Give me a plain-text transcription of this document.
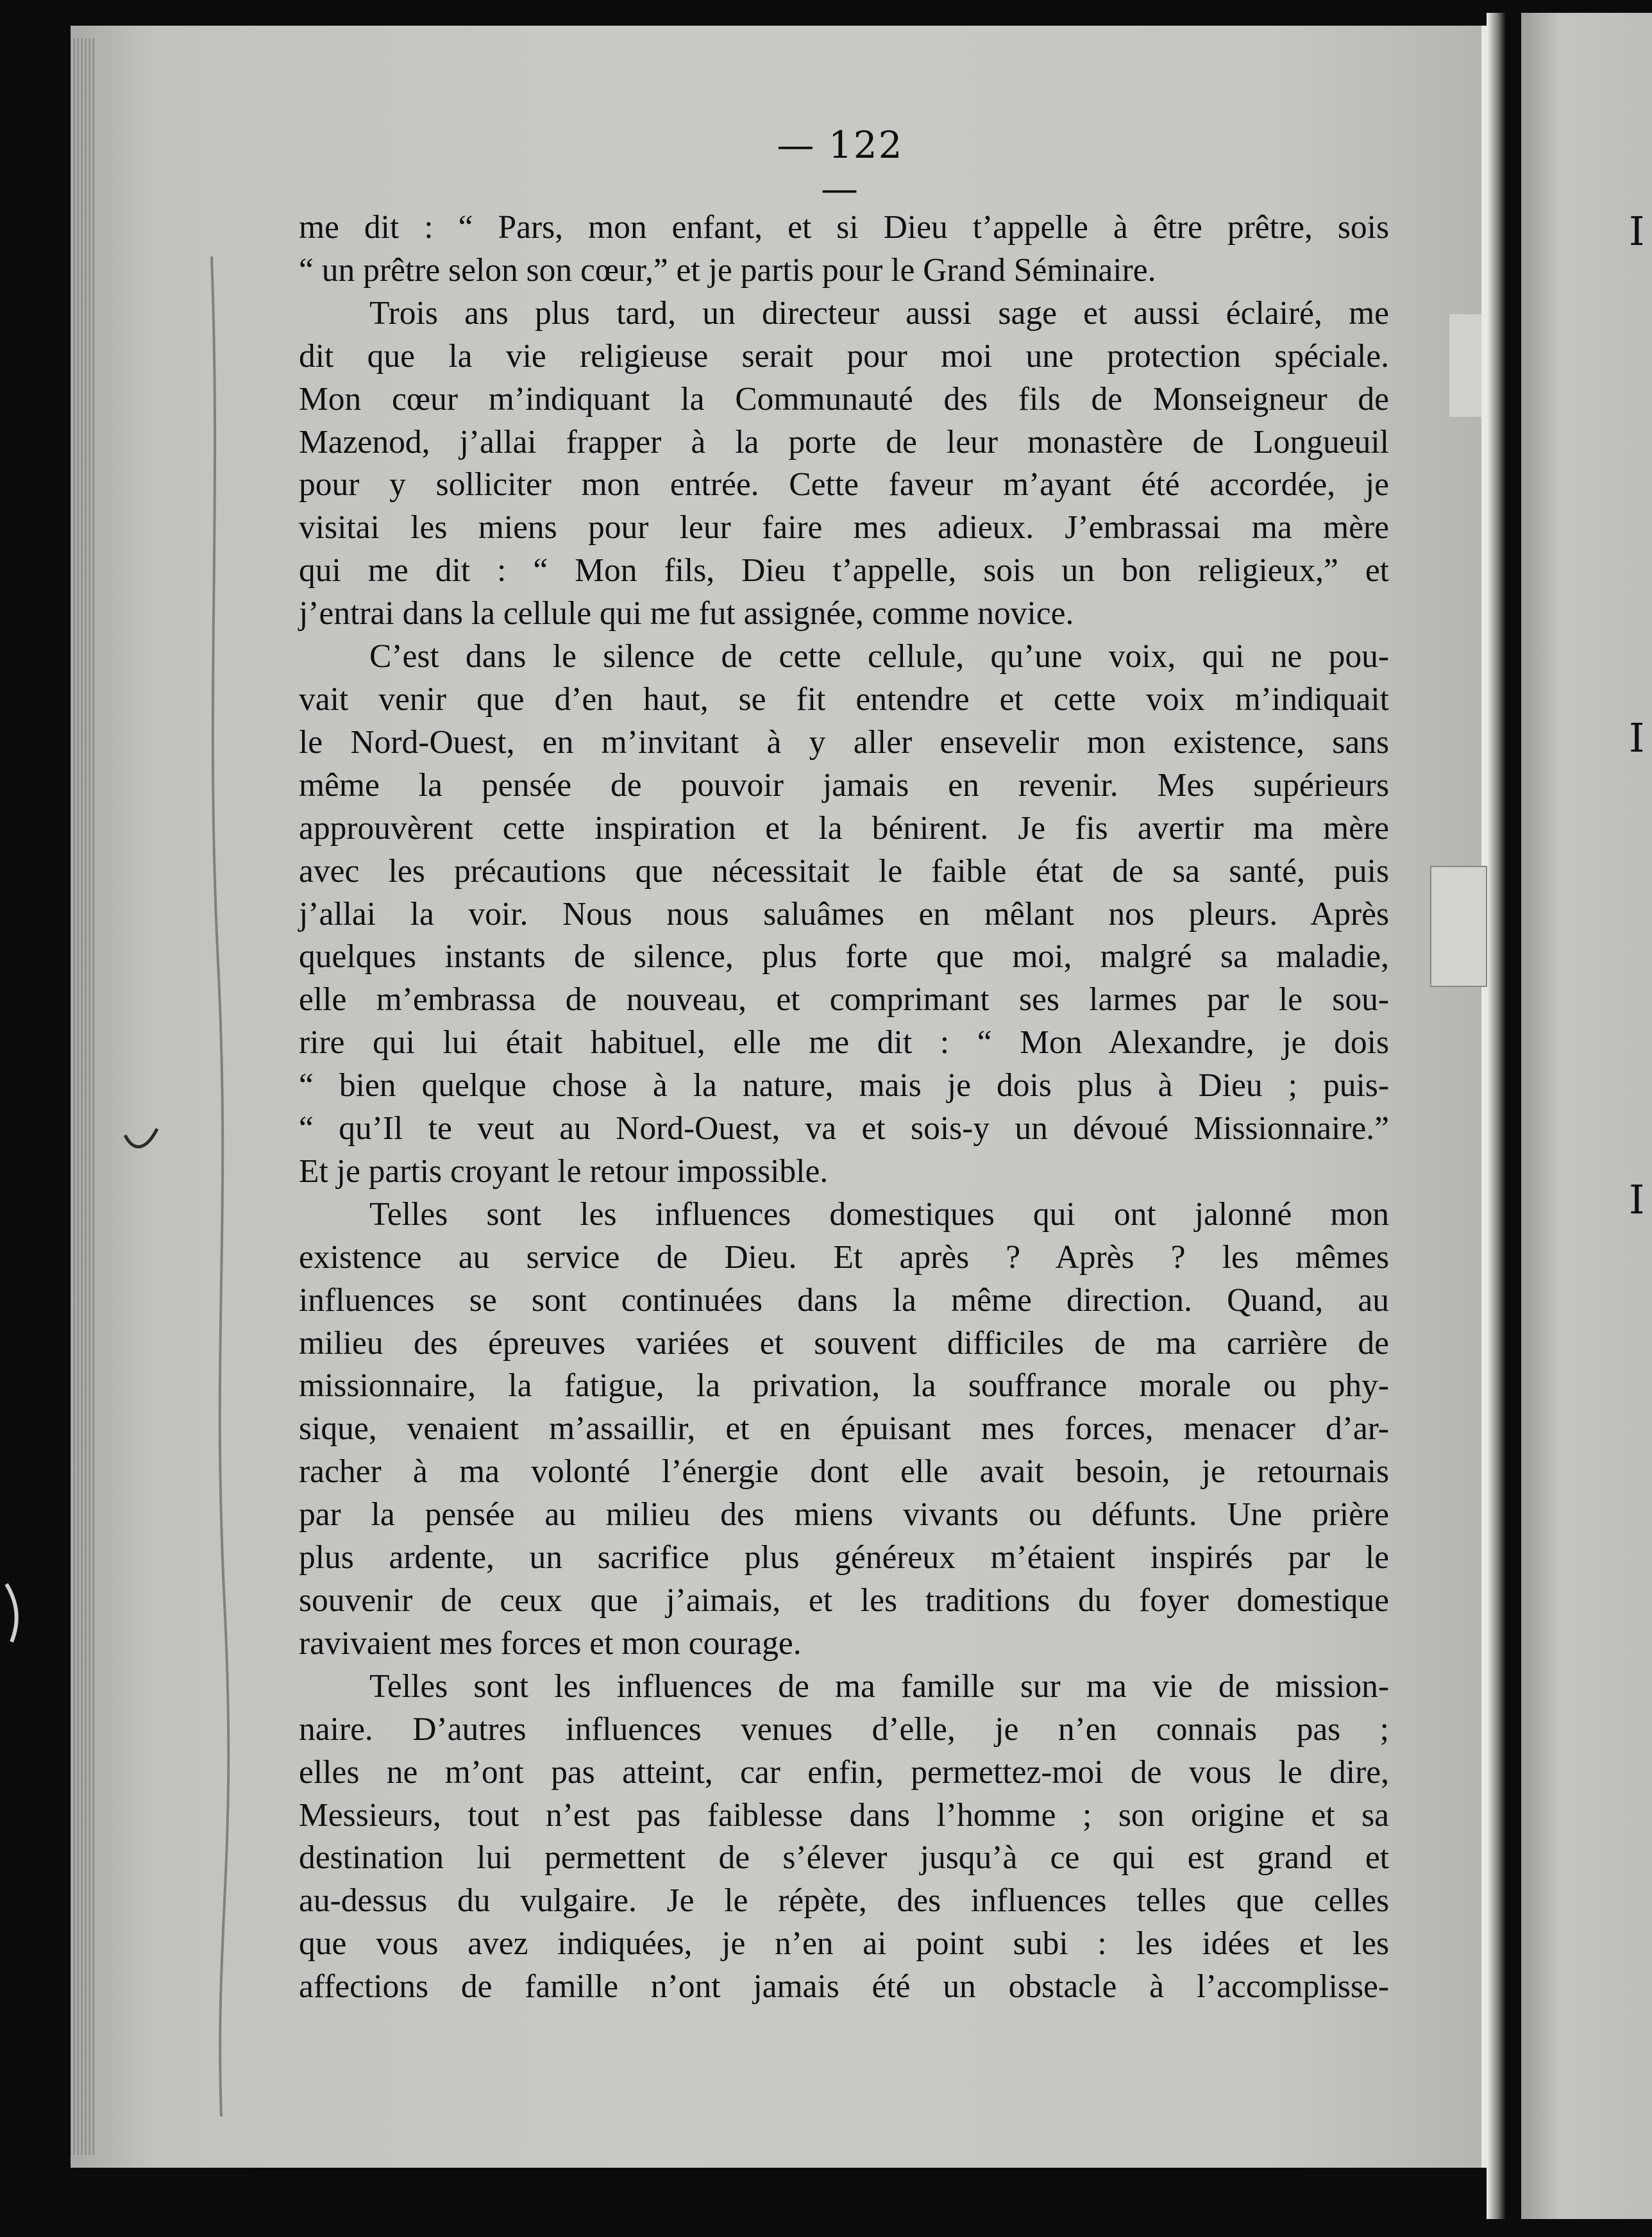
I
I
I
— 122 —

me dit : “ Pars, mon enfant, et si Dieu t’appelle à être prêtre, sois

“ un prêtre selon son cœur,” et je partis pour le Grand Séminaire.

Trois ans plus tard, un directeur aussi sage et aussi éclairé, me

dit que la vie religieuse serait pour moi une protection spéciale.

Mon cœur m’indiquant la Communauté des fils de Monseigneur de

Mazenod, j’allai frapper à la porte de leur monastère de Longueuil

pour y solliciter mon entrée. Cette faveur m’ayant été accordée, je

visitai les miens pour leur faire mes adieux. J’embrassai ma mère

qui me dit : “ Mon fils, Dieu t’appelle, sois un bon religieux,” et

j’entrai dans la cellule qui me fut assignée, comme novice.

C’est dans le silence de cette cellule, qu’une voix, qui ne pou-

vait venir que d’en haut, se fit entendre et cette voix m’indiquait

le Nord-Ouest, en m’invitant à y aller ensevelir mon existence, sans

même la pensée de pouvoir jamais en revenir. Mes supérieurs

approuvèrent cette inspiration et la bénirent. Je fis avertir ma mère

avec les précautions que nécessitait le faible état de sa santé, puis

j’allai la voir. Nous nous saluâmes en mêlant nos pleurs. Après

quelques instants de silence, plus forte que moi, malgré sa maladie,

elle m’embrassa de nouveau, et comprimant ses larmes par le sou-

rire qui lui était habituel, elle me dit : “ Mon Alexandre, je dois

“ bien quelque chose à la nature, mais je dois plus à Dieu ; puis-

“ qu’Il te veut au Nord-Ouest, va et sois-y un dévoué Missionnaire.”

Et je partis croyant le retour impossible.

Telles sont les influences domestiques qui ont jalonné mon

existence au service de Dieu. Et après ? Après ? les mêmes

influences se sont continuées dans la même direction. Quand, au

milieu des épreuves variées et souvent difficiles de ma carrière de

missionnaire, la fatigue, la privation, la souffrance morale ou phy-

sique, venaient m’assaillir, et en épuisant mes forces, menacer d’ar-

racher à ma volonté l’énergie dont elle avait besoin, je retournais

par la pensée au milieu des miens vivants ou défunts. Une prière

plus ardente, un sacrifice plus généreux m’étaient inspirés par le

souvenir de ceux que j’aimais, et les traditions du foyer domestique

ravivaient mes forces et mon courage.

Telles sont les influences de ma famille sur ma vie de mission-

naire. D’autres influences venues d’elle, je n’en connais pas ;

elles ne m’ont pas atteint, car enfin, permettez-moi de vous le dire,

Messieurs, tout n’est pas faiblesse dans l’homme ; son origine et sa

destination lui permettent de s’élever jusqu’à ce qui est grand et

au-dessus du vulgaire. Je le répète, des influences telles que celles

que vous avez indiquées, je n’en ai point subi : les idées et les

affections de famille n’ont jamais été un obstacle à l’accomplisse-
